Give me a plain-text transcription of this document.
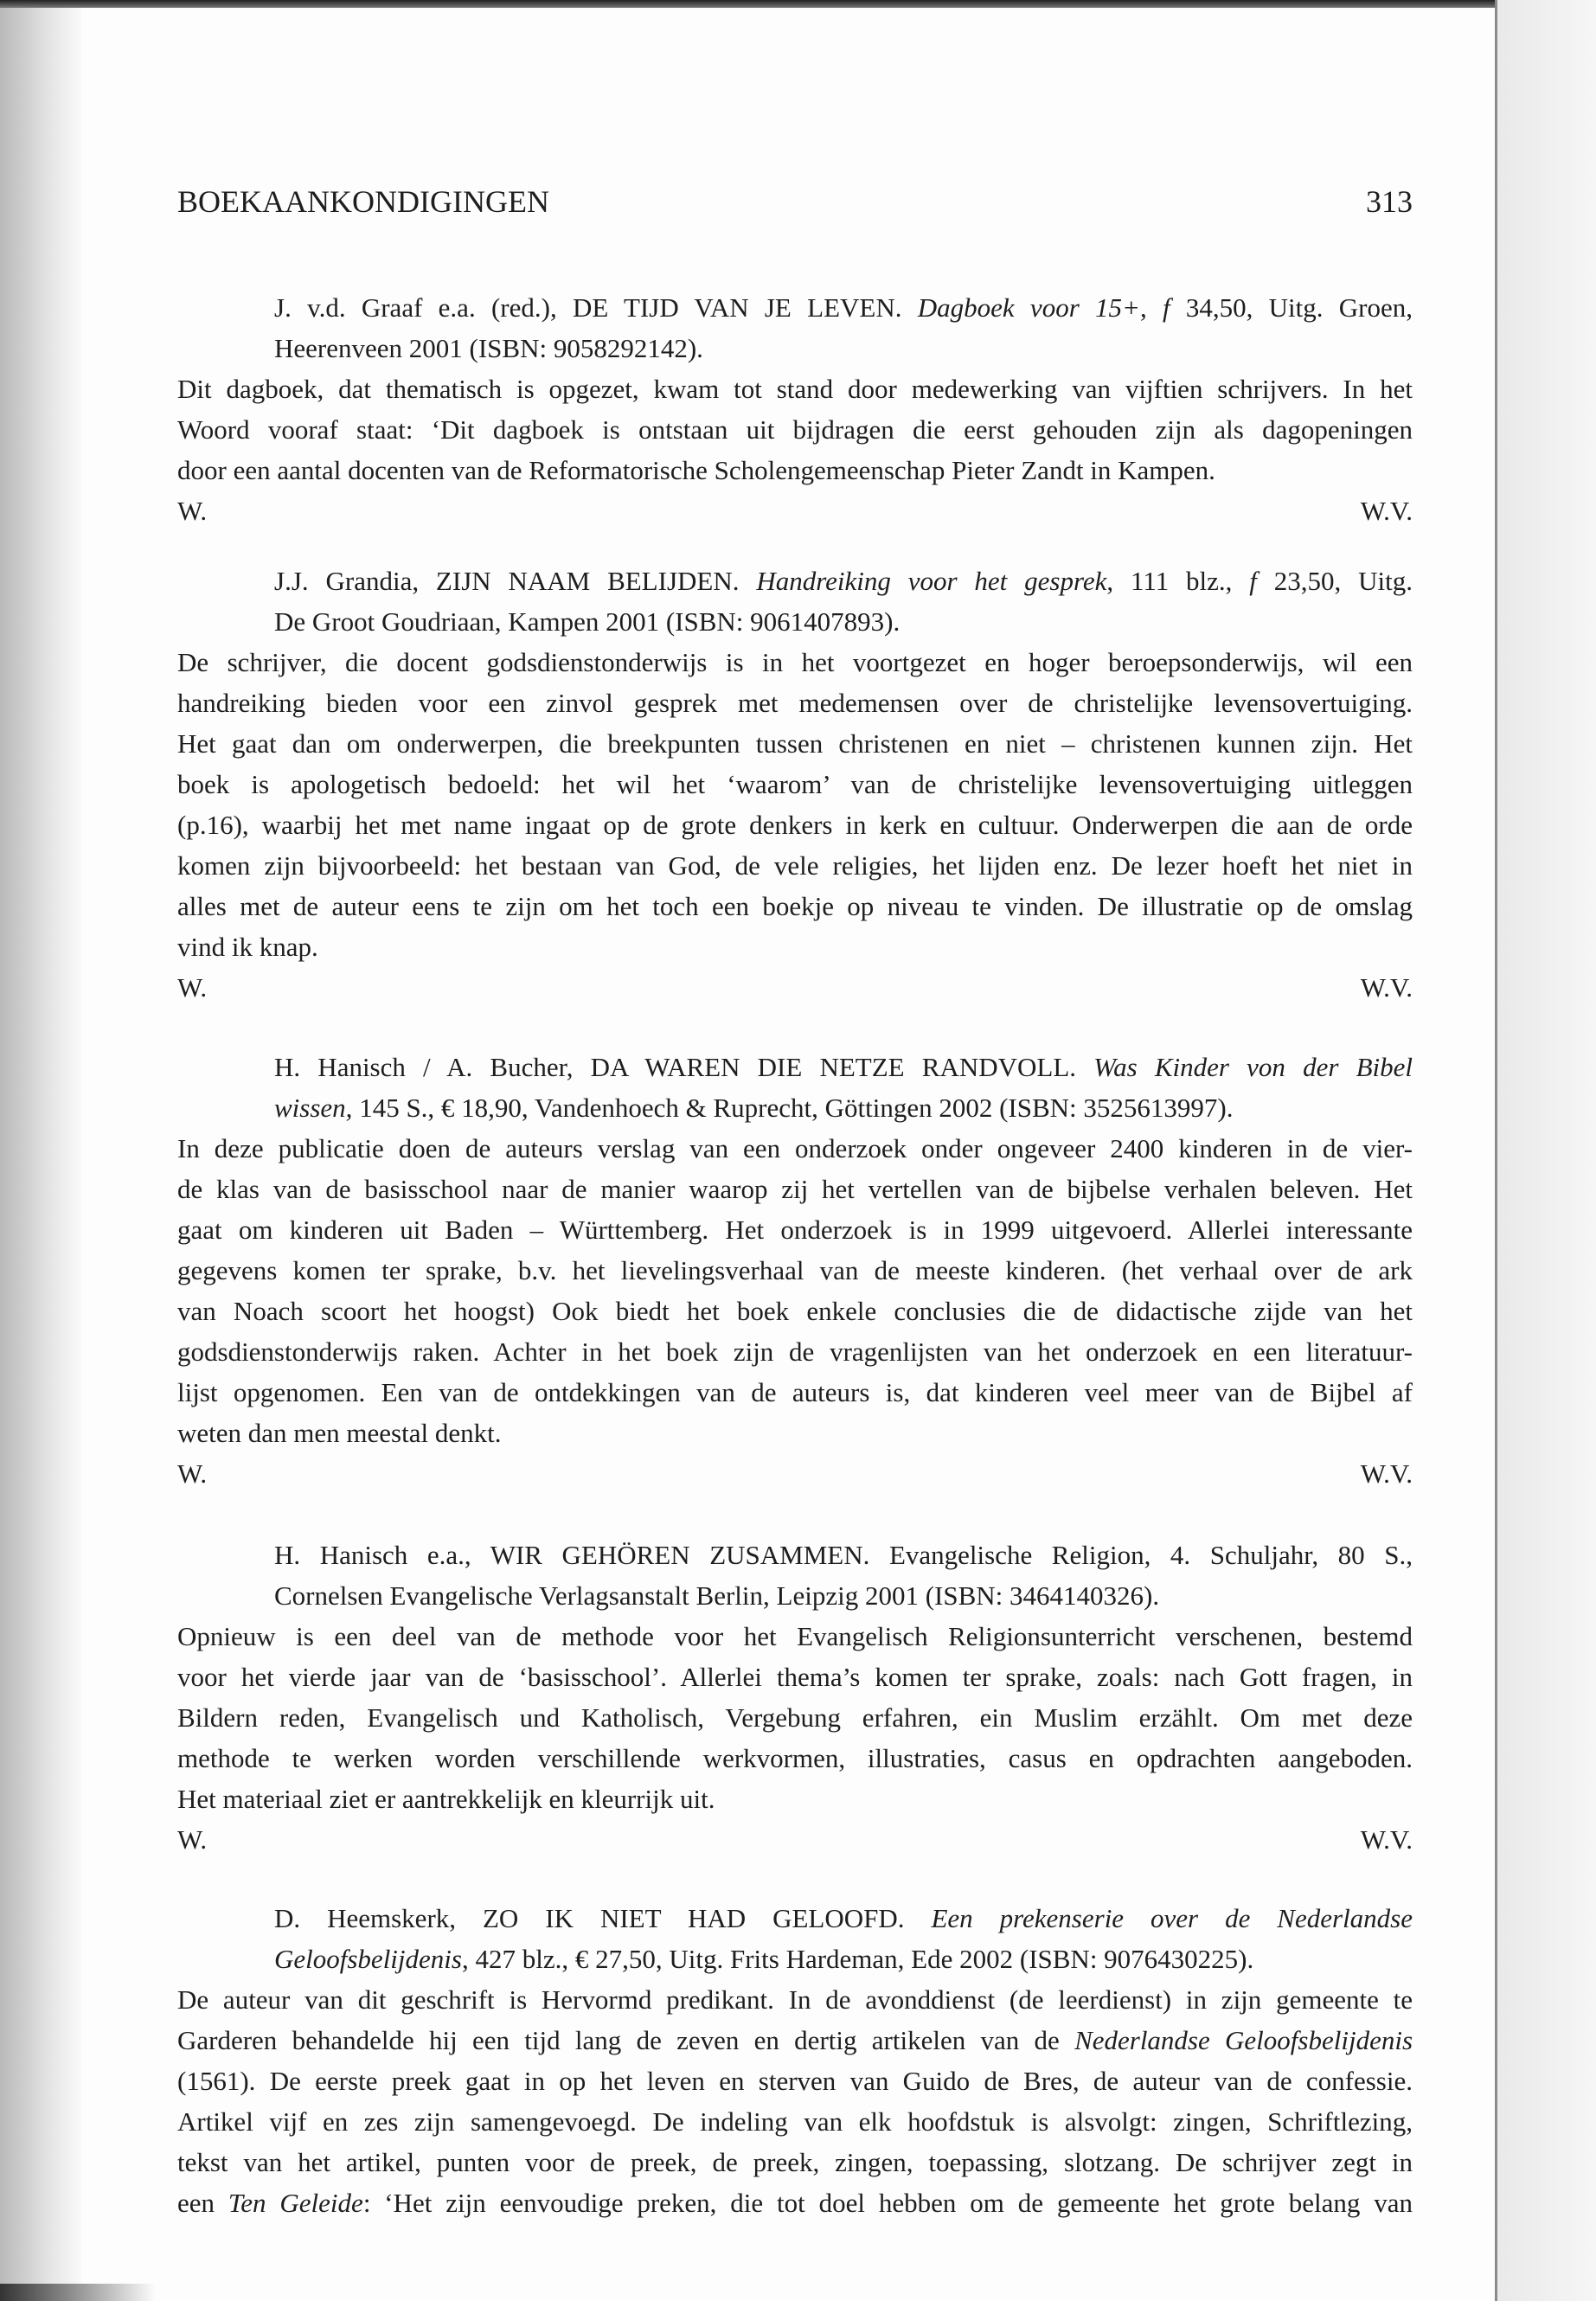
BOEKAANKONDIGINGEN	313
J. v.d. Graaf e.a. (red.), DE TIJD VAN JE LEVEN. Dagboek voor 15+, f 34,50, Uitg. Groen,
Heerenveen 2001 (ISBN: 9058292142).
Dit dagboek, dat thematisch is opgezet, kwam tot stand door medewerking van vijftien schrijvers. In het
Woord vooraf staat: ‘Dit dagboek is ontstaan uit bijdragen die eerst gehouden zijn als dagopeningen
door een aantal docenten van de Reformatorische Scholengemeenschap Pieter Zandt in Kampen.
W.	W.V.
J.J. Grandia, ZIJN NAAM BELIJDEN. Handreiking voor het gesprek, 111 blz., f 23,50, Uitg.
De Groot Goudriaan, Kampen 2001 (ISBN: 9061407893).
De schrijver, die docent godsdienstonderwijs is in het voortgezet en hoger beroepsonderwijs, wil een
handreiking bieden voor een zinvol gesprek met medemensen over de christelijke levensovertuiging.
Het gaat dan om onderwerpen, die breekpunten tussen christenen en niet – christenen kunnen zijn. Het
boek is apologetisch bedoeld: het wil het ‘waarom’ van de christelijke levensovertuiging uitleggen
(p.16), waarbij het met name ingaat op de grote denkers in kerk en cultuur. Onderwerpen die aan de orde
komen zijn bijvoorbeeld: het bestaan van God, de vele religies, het lijden enz. De lezer hoeft het niet in
alles met de auteur eens te zijn om het toch een boekje op niveau te vinden. De illustratie op de omslag
vind ik knap.
W.	W.V.
H. Hanisch / A. Bucher, DA WAREN DIE NETZE RANDVOLL. Was Kinder von der Bibel
wissen, 145 S., € 18,90, Vandenhoech & Ruprecht, Göttingen 2002 (ISBN: 3525613997).
In deze publicatie doen de auteurs verslag van een onderzoek onder ongeveer 2400 kinderen in de vier-
de klas van de basisschool naar de manier waarop zij het vertellen van de bijbelse verhalen beleven. Het
gaat om kinderen uit Baden – Württemberg. Het onderzoek is in 1999 uitgevoerd. Allerlei interessante
gegevens komen ter sprake, b.v. het lievelingsverhaal van de meeste kinderen. (het verhaal over de ark
van Noach scoort het hoogst) Ook biedt het boek enkele conclusies die de didactische zijde van het
godsdienstonderwijs raken. Achter in het boek zijn de vragenlijsten van het onderzoek en een literatuur-
lijst opgenomen. Een van de ontdekkingen van de auteurs is, dat kinderen veel meer van de Bijbel af
weten dan men meestal denkt.
W.	W.V.
H. Hanisch e.a., WIR GEHÖREN ZUSAMMEN. Evangelische Religion, 4. Schuljahr, 80 S.,
Cornelsen Evangelische Verlagsanstalt Berlin, Leipzig 2001 (ISBN: 3464140326).
Opnieuw is een deel van de methode voor het Evangelisch Religionsunterricht verschenen, bestemd
voor het vierde jaar van de ‘basisschool’. Allerlei thema’s komen ter sprake, zoals: nach Gott fragen, in
Bildern reden, Evangelisch und Katholisch, Vergebung erfahren, ein Muslim erzählt. Om met deze
methode te werken worden verschillende werkvormen, illustraties, casus en opdrachten aangeboden.
Het materiaal ziet er aantrekkelijk en kleurrijk uit.
W.	W.V.
D. Heemskerk, ZO IK NIET HAD GELOOFD. Een prekenserie over de Nederlandse
Geloofsbelijdenis, 427 blz., € 27,50, Uitg. Frits Hardeman, Ede 2002 (ISBN: 9076430225).
De auteur van dit geschrift is Hervormd predikant. In de avonddienst (de leerdienst) in zijn gemeente te
Garderen behandelde hij een tijd lang de zeven en dertig artikelen van de Nederlandse Geloofsbelijdenis
(1561). De eerste preek gaat in op het leven en sterven van Guido de Bres, de auteur van de confessie.
Artikel vijf en zes zijn samengevoegd. De indeling van elk hoofdstuk is alsvolgt: zingen, Schriftlezing,
tekst van het artikel, punten voor de preek, de preek, zingen, toepassing, slotzang. De schrijver zegt in
een Ten Geleide: ‘Het zijn eenvoudige preken, die tot doel hebben om de gemeente het grote belang van
